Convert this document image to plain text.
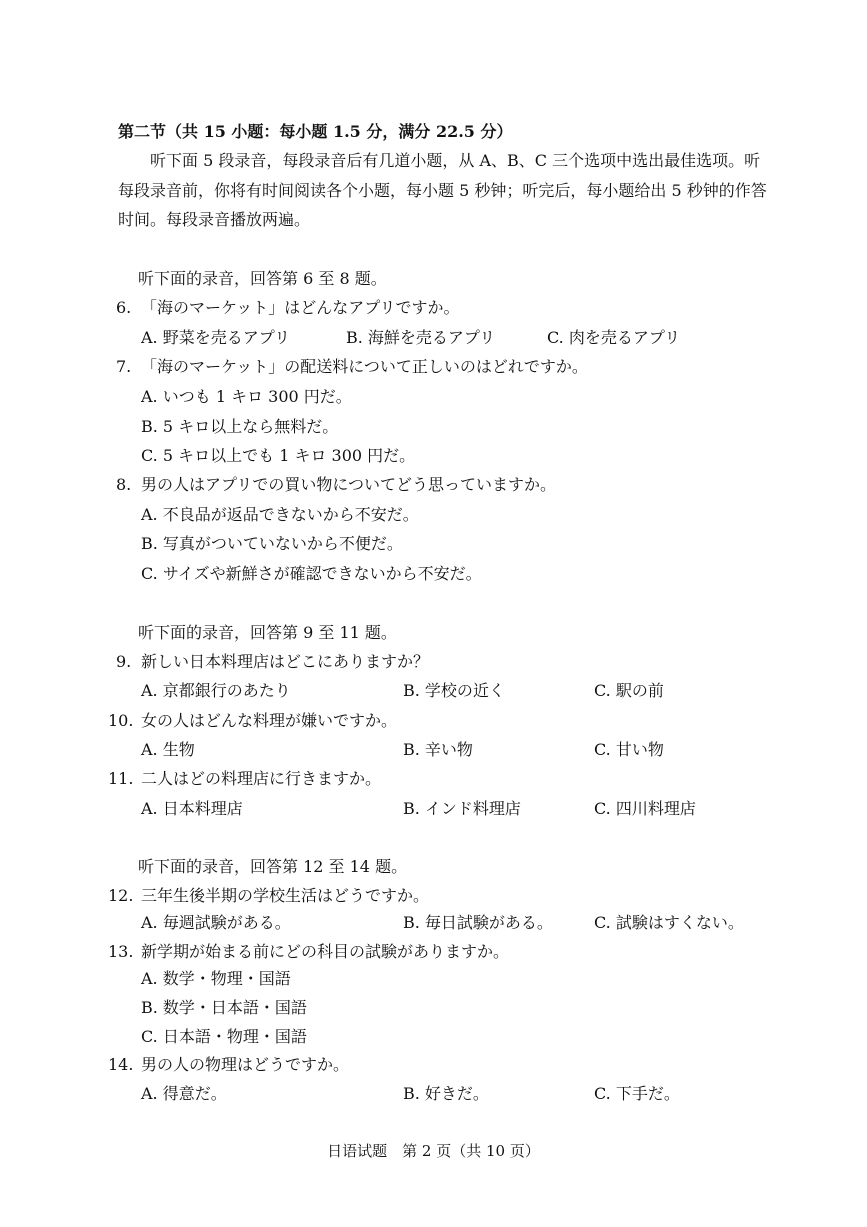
第二节（共 15 小题：每小题 1.5 分，满分 22.5 分）
听下面 5 段录音，每段录音后有几道小题，从 A、B、C 三个选项中选出最佳选项。听
每段录音前，你将有时间阅读各个小题，每小题 5 秒钟；听完后，每小题给出 5 秒钟的作答
时间。每段录音播放两遍。
听下面的录音，回答第 6 至 8 题。
6. 「海のマーケット」はどんなアプリですか。
A. 野菜を売るアプリ	B. 海鮮を売るアプリ	C. 肉を売るアプリ
7. 「海のマーケット」の配送料について正しいのはどれですか。
A. いつも 1 キロ 300 円だ。
B. 5 キロ以上なら無料だ。
C. 5 キロ以上でも 1 キロ 300 円だ。
8. 男の人はアプリでの買い物についてどう思っていますか。
A. 不良品が返品できないから不安だ。
B. 写真がついていないから不便だ。
C. サイズや新鮮さが確認できないから不安だ。
听下面的录音，回答第 9 至 11 题。
9. 新しい日本料理店はどこにありますか？
A. 京都銀行のあたり	B. 学校の近く	C. 駅の前
10. 女の人はどんな料理が嫌いですか。
A. 生物	B. 辛い物	C. 甘い物
11. 二人はどの料理店に行きますか。
A. 日本料理店	B. インド料理店	C. 四川料理店
听下面的录音，回答第 12 至 14 题。
12. 三年生後半期の学校生活はどうですか。
A. 毎週試験がある。	B. 毎日試験がある。	C. 試験はすくない。
13. 新学期が始まる前にどの科目の試験がありますか。
A. 数学・物理・国語
B. 数学・日本語・国語
C. 日本語・物理・国語
14. 男の人の物理はどうですか。
A. 得意だ。	B. 好きだ。	C. 下手だ。
日语试题　第 2 页（共 10 页）
